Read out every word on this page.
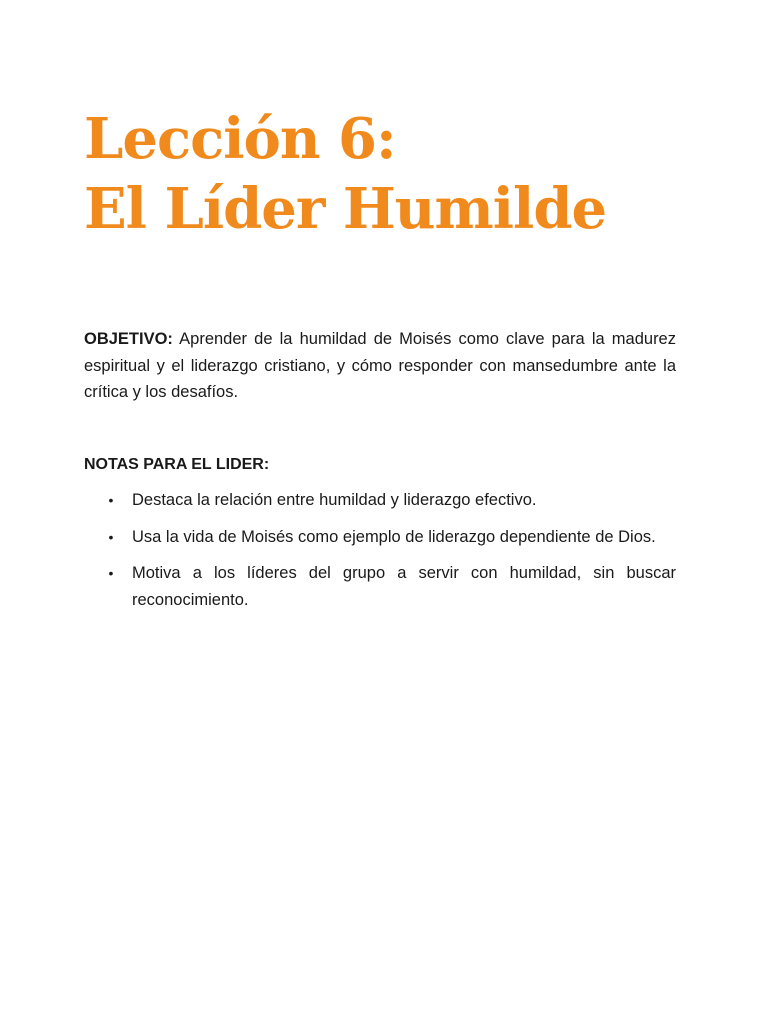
Lección 6:
El Líder Humilde

OBJETIVO: Aprender de la humildad de Moisés como clave para la madurez espiritual y el liderazgo cristiano, y cómo responder con mansedumbre ante la crítica y los desafíos.

NOTAS PARA EL LIDER:

• Destaca la relación entre humildad y liderazgo efectivo.
• Usa la vida de Moisés como ejemplo de liderazgo dependiente de Dios.
• Motiva a los líderes del grupo a servir con humildad, sin buscar reconocimiento.
